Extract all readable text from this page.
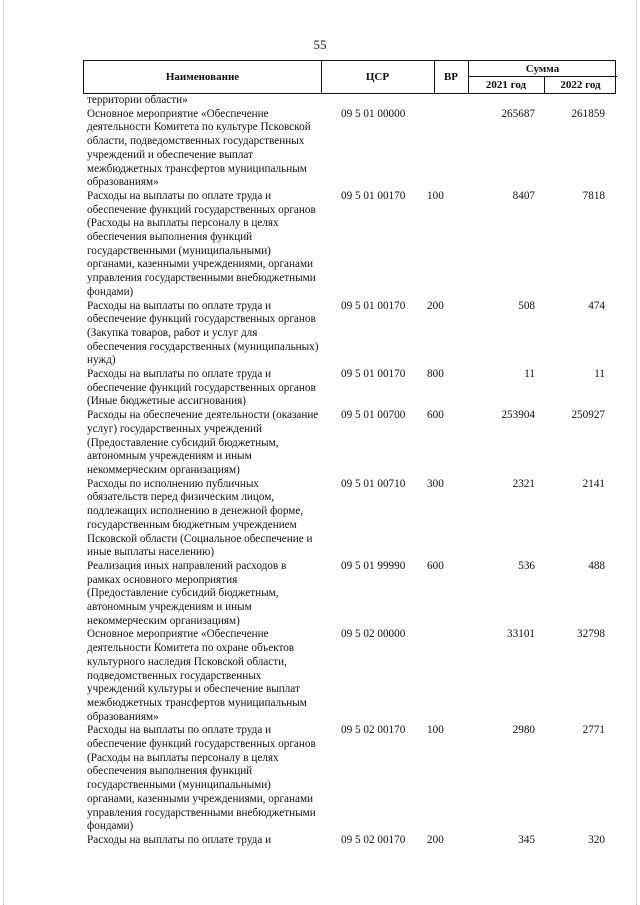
55
Наименование	ЦСР	ВР
Сумма
2021 год	2022 год
территории области»
Основное мероприятие «Обеспечение деятельности Комитета по культуре Псковской области, подведомственных государственных учреждений и обеспечение выплат межбюджетных трансфертов муниципальным образованиям»
09 5 01 00000	265687	261859
Расходы на выплаты по оплате труда и обеспечение функций государственных органов (Расходы на выплаты персоналу в целях обеспечения выполнения функций государственными (муниципальными) органами, казенными учреждениями, органами управления государственными внебюджетными фондами)
09 5 01 00170 100	8407	7818
Расходы на выплаты по оплате труда и обеспечение функций государственных органов (Закупка товаров, работ и услуг для обеспечения государственных (муниципальных) нужд)
09 5 01 00170 200	508	474
Расходы на выплаты по оплате труда и обеспечение функций государственных органов (Иные бюджетные ассигнования)
09 5 01 00170 800	11	11
Расходы на обеспечение деятельности (оказание услуг) государственных учреждений (Предоставление субсидий бюджетным, автономным учреждениям и иным некоммерческим организациям)
09 5 01 00700 600	253904	250927
Расходы по исполнению публичных обязательств перед физическим лицом, подлежащих исполнению в денежной форме, государственным бюджетным учреждением Псковской области (Социальное обеспечение и иные выплаты населению)
09 5 01 00710 300	2321	2141
Реализация иных направлений расходов в рамках основного мероприятия (Предоставление субсидий бюджетным, автономным учреждениям и иным некоммерческим организациям)
09 5 01 99990 600	536	488
Основное мероприятие «Обеспечение деятельности Комитета по охране объектов культурного наследия Псковской области, подведомственных государственных учреждений культуры и обеспечение выплат межбюджетных трансфертов муниципальным образованиям»
09 5 02 00000	33101	32798
Расходы на выплаты по оплате труда и обеспечение функций государственных органов (Расходы на выплаты персоналу в целях обеспечения выполнения функций государственными (муниципальными) органами, казенными учреждениями, органами управления государственными внебюджетными фондами)
09 5 02 00170 100	2980	2771
Расходы на выплаты по оплате труда и	09 5 02 00170 200	345	320
